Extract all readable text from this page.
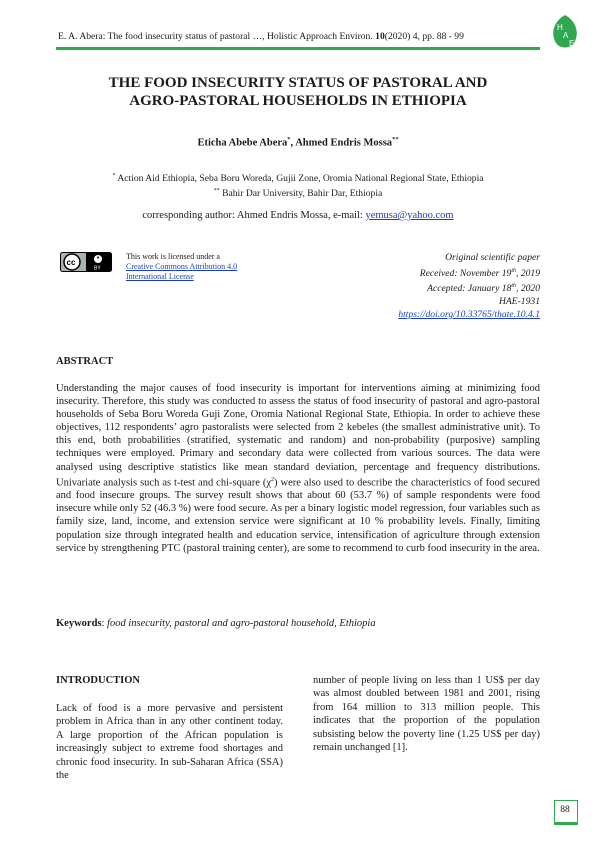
E. A. Abera: The food insecurity status of pastoral …, Holistic Approach Environ. 10(2020) 4, pp. 88 - 99
H
A
E
THE FOOD INSECURITY STATUS OF PASTORAL AND
AGRO-PASTORAL HOUSEHOLDS IN ETHIOPIA
Eticha Abebe Abera*, Ahmed Endris Mossa**
* Action Aid Ethiopia, Seba Boru Woreda, Gujii Zone, Oromia National Regional State, Ethiopia
** Bahir Dar University, Bahir Dar, Ethiopia
corresponding author: Ahmed Endris Mossa, e-mail: yemusa@yahoo.com
cc
BY
This work is licensed under a
Creative Commons Attribution 4.0
International License
Original scientific paper
Received: November 19th, 2019
Accepted: January 18th, 2020
HAE-1931
https://doi.org/10.33765/thate.10.4.1
ABSTRACT
Understanding the major causes of food insecurity is important for interventions aiming at minimizing food insecurity. Therefore, this study was conducted to assess the status of food insecurity of pastoral and agro-pastoral households of Seba Boru Woreda Guji Zone, Oromia National Regional State, Ethiopia. In order to achieve these objectives, 112 respondents’ agro pastoralists were selected from 2 kebeles (the smallest administrative unit). To this end, both probabilities (stratified, systematic and random) and non-probability (purposive) sampling techniques were employed. Primary and secondary data were collected from various sources. The data were analysed using descriptive statistics like mean standard deviation, percentage and frequency distributions. Univariate analysis such as t-test and chi-square $(\chi^2)$ were also used to describe the characteristics of food secured and food insecure groups. The survey result shows that about 60 (53.7 %) of sample respondents were food insecure while only 52 (46.3 %) were food secure. As per a binary logistic model regression, four variables such as family size, land, income, and extension service were significant at 10 % probability levels. Finally, limiting population size through integrated health and education service, intensification of agriculture through extension service by strengthening PTC (pastoral training center), are some to recommend to curb food insecurity in the area.
Keywords: food insecurity, pastoral and agro-pastoral household, Ethiopia
INTRODUCTION
Lack of food is a more pervasive and persistent problem in Africa than in any other continent today. A large proportion of the African population is increasingly subject to extreme food shortages and chronic food insecurity. In sub-Saharan Africa (SSA) the
number of people living on less than 1 US$ per day was almost doubled between 1981 and 2001, rising from 164 million to 313 million people. This indicates that the proportion of the population subsisting below the poverty line (1.25 US$ per day) remain unchanged [1].
88
